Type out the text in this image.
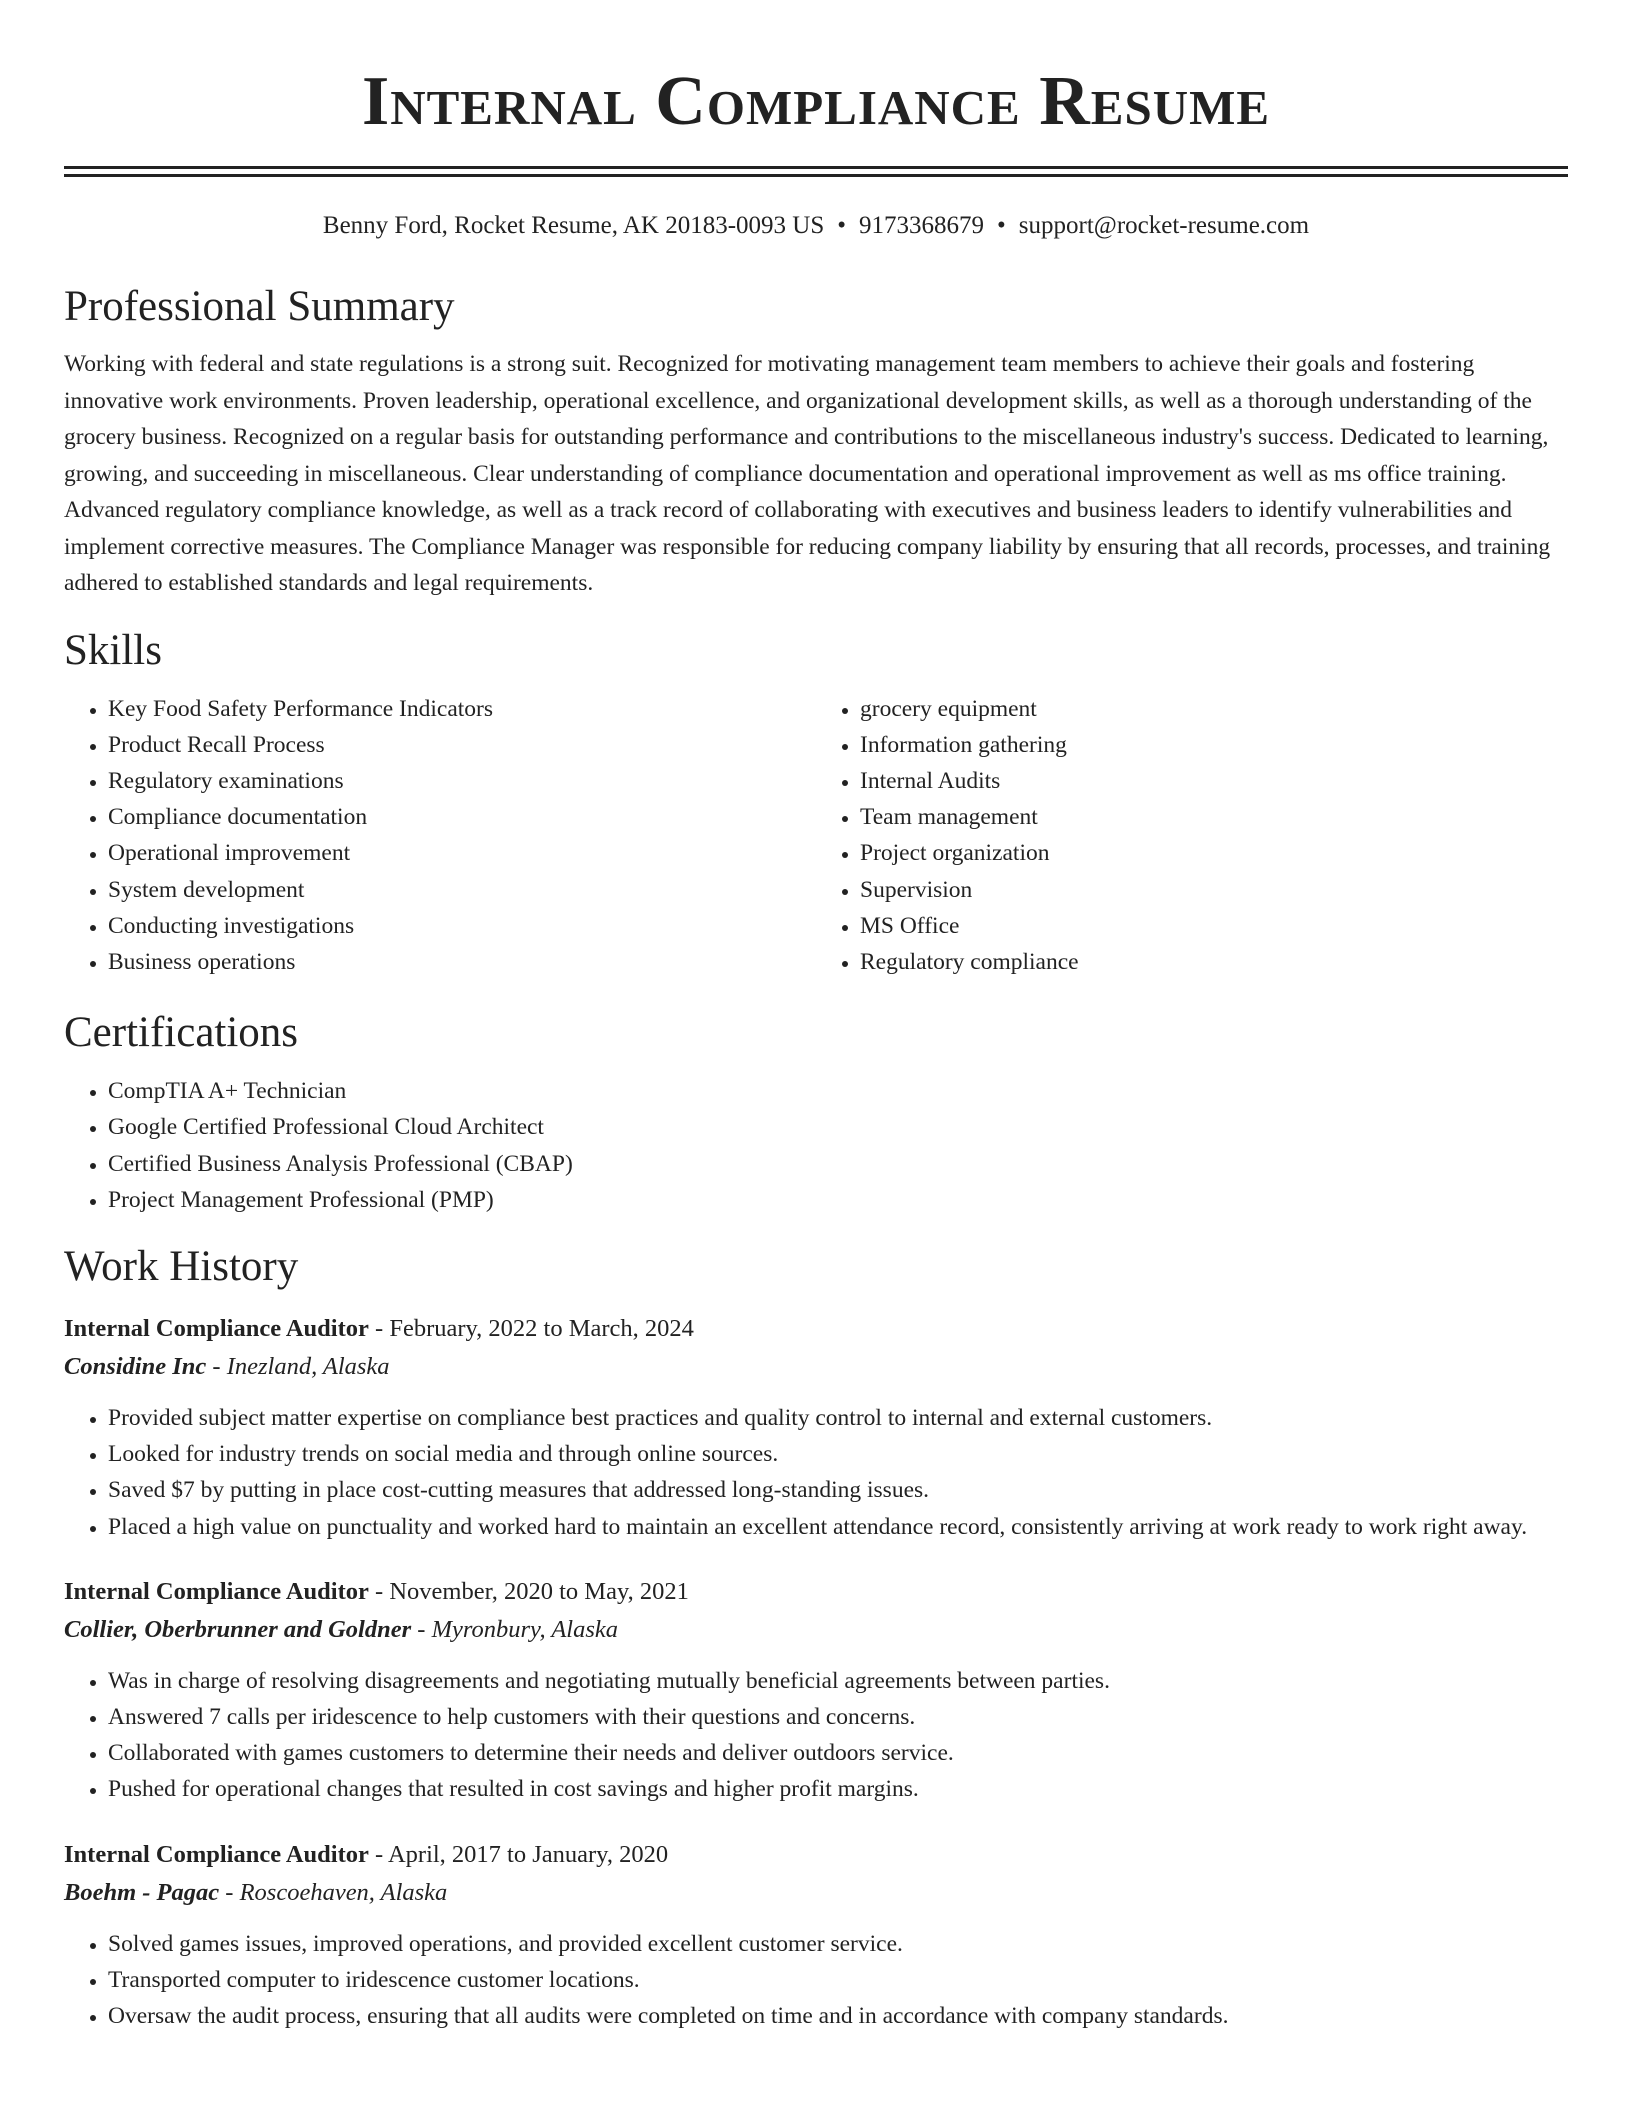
Internal Compliance Resume
Benny Ford, Rocket Resume, AK 20183-0093 US • 9173368679 • support@rocket-resume.com
Professional Summary

Working with federal and state regulations is a strong suit. Recognized for motivating management team members to achieve their goals and fostering innovative work environments. Proven leadership, operational excellence, and organizational development skills, as well as a thorough understanding of the grocery business. Recognized on a regular basis for outstanding performance and contributions to the miscellaneous industry's success. Dedicated to learning, growing, and succeeding in miscellaneous. Clear understanding of compliance documentation and operational improvement as well as ms office training. Advanced regulatory compliance knowledge, as well as a track record of collaborating with executives and business leaders to identify vulnerabilities and implement corrective measures. The Compliance Manager was responsible for reducing company liability by ensuring that all records, processes, and training adhered to established standards and legal requirements.

Skills
• Key Food Safety Performance Indicators
• Product Recall Process
• Regulatory examinations
• Compliance documentation
• Operational improvement
• System development
• Conducting investigations
• Business operations
• grocery equipment
• Information gathering
• Internal Audits
• Team management
• Project organization
• Supervision
• MS Office
• Regulatory compliance
Certifications
• CompTIA A+ Technician
• Google Certified Professional Cloud Architect
• Certified Business Analysis Professional (CBAP)
• Project Management Professional (PMP)
Work History
Internal Compliance Auditor - February, 2022 to March, 2024
Considine Inc - Inezland, Alaska
• Provided subject matter expertise on compliance best practices and quality control to internal and external customers.
• Looked for industry trends on social media and through online sources.
• Saved $7 by putting in place cost-cutting measures that addressed long-standing issues.
• Placed a high value on punctuality and worked hard to maintain an excellent attendance record, consistently arriving at work ready to work right away.
Internal Compliance Auditor - November, 2020 to May, 2021
Collier, Oberbrunner and Goldner - Myronbury, Alaska
• Was in charge of resolving disagreements and negotiating mutually beneficial agreements between parties.
• Answered 7 calls per iridescence to help customers with their questions and concerns.
• Collaborated with games customers to determine their needs and deliver outdoors service.
• Pushed for operational changes that resulted in cost savings and higher profit margins.
Internal Compliance Auditor - April, 2017 to January, 2020
Boehm - Pagac - Roscoehaven, Alaska
• Solved games issues, improved operations, and provided excellent customer service.
• Transported computer to iridescence customer locations.
• Oversaw the audit process, ensuring that all audits were completed on time and in accordance with company standards.
